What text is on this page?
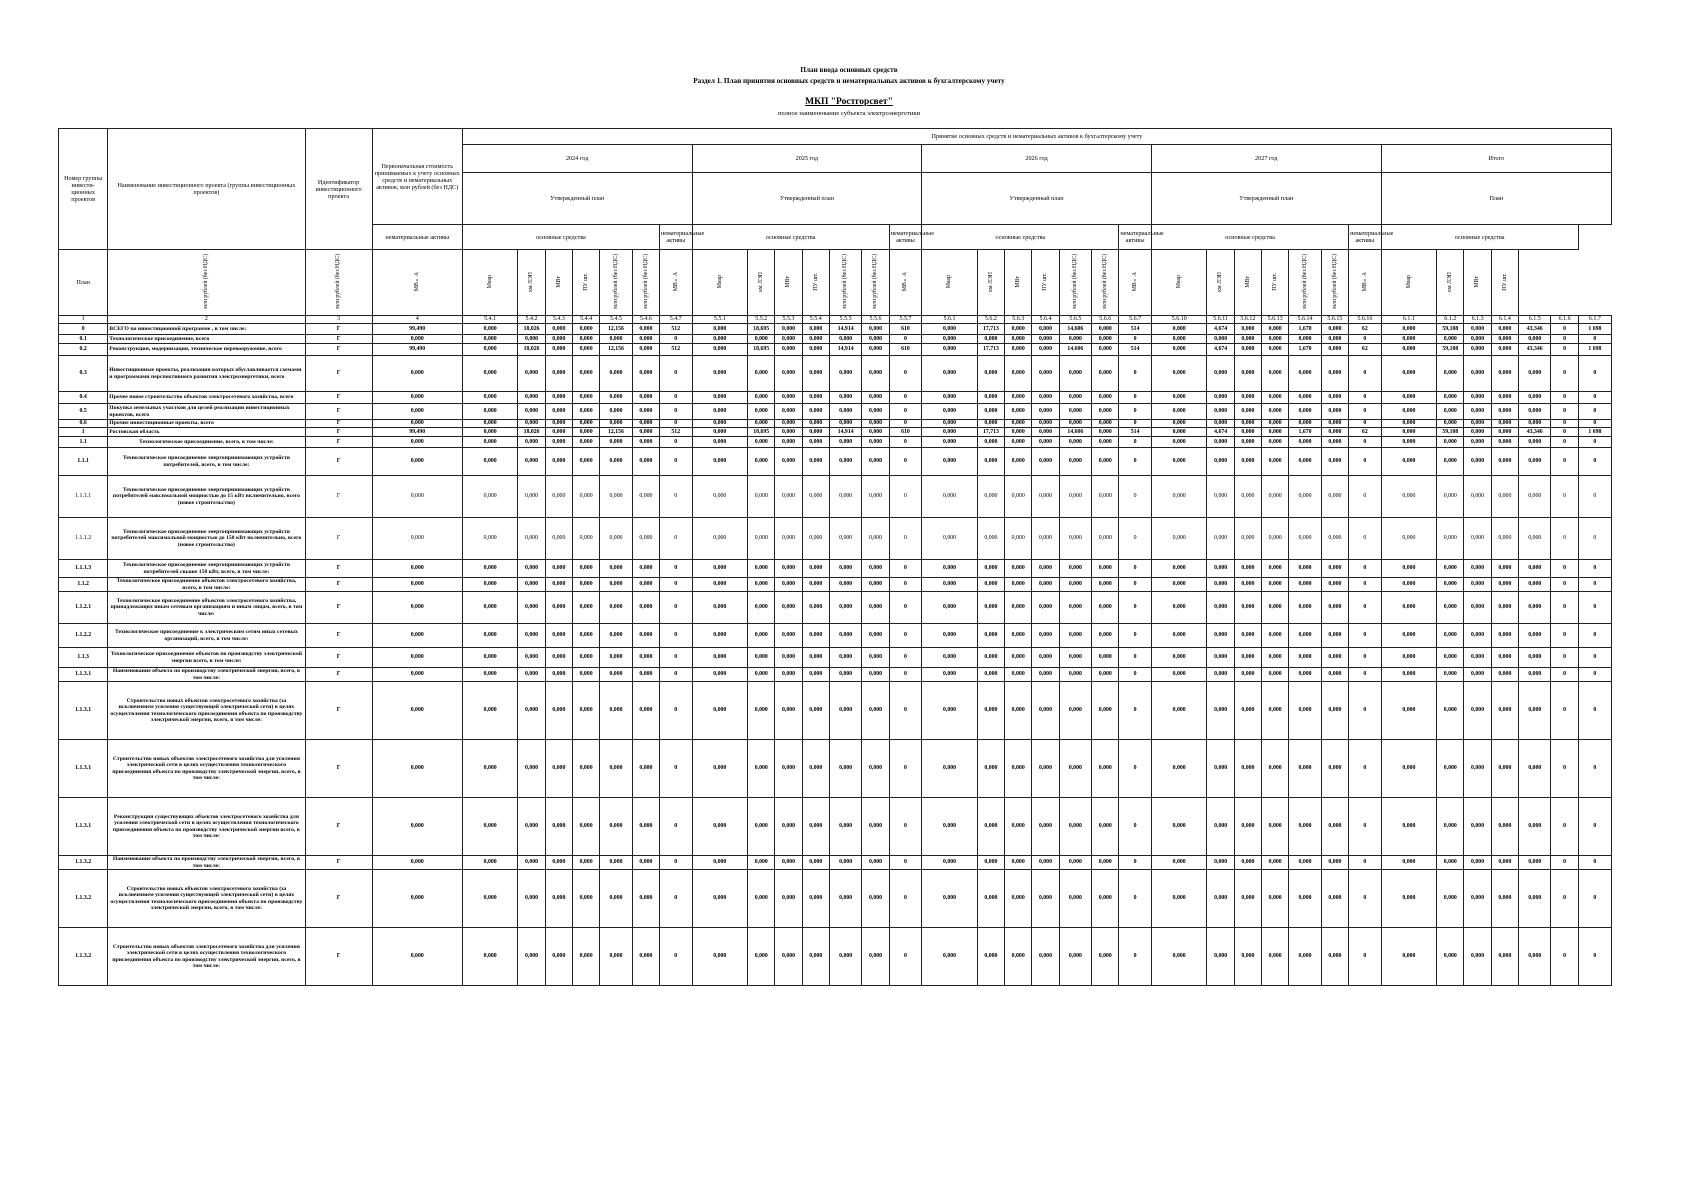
План ввода основных средств
Раздел 1. План принятия основных средств и нематериальных активов к бухгалтерскому учету
МКП "Ростгорсвет"
полное наименование субъекта электроэнергетики
Номер группы инвести-ционных проектов	Наименование инвестиционного проекта (группы инвестиционных проектов)	Идентификатор инвестиционного проекта	Первоначальная стоимость принимаемых к учету основных средств и нематериальных активов, млн рублей (без НДС)	Принятие основных средств и нематериальных активов к бухгалтерскому учету																																		
				2024 год							2025 год							2026 год							2027 год							Итого						
				Утвержденный план							Утвержденный план							Утвержденный план							Утвержденный план							План						
			нематериальные активы	основные средства						нематериальные активы	основные средства						нематериальные активы	основные средства						нематериальные активы	основные средства						нематериальные активы	основные средства						
План	млн рублей (без НДС)	млн рублей (без НДС)	МВ×А	Мвар	км ЛЭП	МВт	ПУ шт.	млн рублей (без НДС)	млн рублей (без НДС)	МВ×А	Мвар	км ЛЭП	МВт	ПУ шт.	млн рублей (без НДС)	млн рублей (без НДС)	МВ×А	Мвар	км ЛЭП	МВт	ПУ шт.	млн рублей (без НДС)	млн рублей (без НДС)	МВ×А	Мвар	км ЛЭП	МВт	ПУ шт.	млн рублей (без НДС)	млн рублей (без НДС)	МВ×А	Мвар	км ЛЭП	МВт	ПУ шт.			
1	2	3	4	5.4.1	5.4.2	5.4.3	5.4.4	5.4.5	5.4.6	5.4.7	5.5.1	5.5.2	5.5.3	5.5.4	5.5.5	5.5.6	5.5.7	5.6.1	5.6.2	5.6.3	5.6.4	5.6.5	5.6.6	5.6.7	5.6.10	5.6.11	5.6.12	5.6.13	5.6.14	5.6.15	5.6.16	6.1.1	6.1.2	6.1.3	6.1.4	6.1.5	6.1.6	6.1.7
0	ВСЕГО по инвестиционной программе , в том числе:	Г	99,490	0,000	18,026	0,000	0,000	12,156	0,000	512	0,000	18,695	0,000	0,000	14,914	0,000	610	0,000	17,713	0,000	0,000	14,606	0,000	514	0,000	4,674	0,000	0,000	1,670	0,000	62	0,000	59,108	0,000	0,000	43,346	0	1 698
0.1	Технологическое присоединение, всего	Г	0,000	0,000	0,000	0,000	0,000	0,000	0,000	0	0,000	0,000	0,000	0,000	0,000	0,000	0	0,000	0,000	0,000	0,000	0,000	0,000	0	0,000	0,000	0,000	0,000	0,000	0,000	0	0,000	0,000	0,000	0,000	0,000	0	0
0.2	Реконструкция, модернизация, техническое перевооружение, всего	Г	99,490	0,000	18,026	0,000	0,000	12,156	0,000	512	0,000	18,695	0,000	0,000	14,914	0,000	610	0,000	17,713	0,000	0,000	14,606	0,000	514	0,000	4,674	0,000	0,000	1,670	0,000	62	0,000	59,108	0,000	0,000	43,346	0	1 698
0.3	Инвестиционные проекты, реализация которых обуславливается схемами и программами перспективного развития электроэнергетики, всего	Г	0,000	0,000	0,000	0,000	0,000	0,000	0,000	0	0,000	0,000	0,000	0,000	0,000	0,000	0	0,000	0,000	0,000	0,000	0,000	0,000	0	0,000	0,000	0,000	0,000	0,000	0,000	0	0,000	0,000	0,000	0,000	0,000	0	0
0.4	Прочее новое строительство объектов электросетевого хозяйства, всего	Г	0,000	0,000	0,000	0,000	0,000	0,000	0,000	0	0,000	0,000	0,000	0,000	0,000	0,000	0	0,000	0,000	0,000	0,000	0,000	0,000	0	0,000	0,000	0,000	0,000	0,000	0,000	0	0,000	0,000	0,000	0,000	0,000	0	0
0.5	Покупка земельных участков для целей реализации инвестиционных проектов, всего	Г	0,000	0,000	0,000	0,000	0,000	0,000	0,000	0	0,000	0,000	0,000	0,000	0,000	0,000	0	0,000	0,000	0,000	0,000	0,000	0,000	0	0,000	0,000	0,000	0,000	0,000	0,000	0	0,000	0,000	0,000	0,000	0,000	0	0
0.6	Прочие инвестиционные проекты, всего	Г	0,000	0,000	0,000	0,000	0,000	0,000	0,000	0	0,000	0,000	0,000	0,000	0,000	0,000	0	0,000	0,000	0,000	0,000	0,000	0,000	0	0,000	0,000	0,000	0,000	0,000	0,000	0	0,000	0,000	0,000	0,000	0,000	0	0
1	Ростовская область	Г	99,490	0,000	18,026	0,000	0,000	12,156	0,000	512	0,000	18,695	0,000	0,000	14,914	0,000	610	0,000	17,713	0,000	0,000	14,606	0,000	514	0,000	4,674	0,000	0,000	1,670	0,000	62	0,000	59,108	0,000	0,000	43,346	0	1 698
1.1	Технологическое присоединение, всего, в том числе:	Г	0,000	0,000	0,000	0,000	0,000	0,000	0,000	0	0,000	0,000	0,000	0,000	0,000	0,000	0	0,000	0,000	0,000	0,000	0,000	0,000	0	0,000	0,000	0,000	0,000	0,000	0,000	0	0,000	0,000	0,000	0,000	0,000	0	0
1.1.1	Технологическое присоединение энергопринимающих устройств потребителей, всего, в том числе:	Г	0,000	0,000	0,000	0,000	0,000	0,000	0,000	0	0,000	0,000	0,000	0,000	0,000	0,000	0	0,000	0,000	0,000	0,000	0,000	0,000	0	0,000	0,000	0,000	0,000	0,000	0,000	0	0,000	0,000	0,000	0,000	0,000	0	0
1.1.1.1	Технологическое присоединение энергопринимающих устройств потребителей максимальной мощностью до 15 кВт включительно, всего (новое строительство)	Г	0,000	0,000	0,000	0,000	0,000	0,000	0,000	0	0,000	0,000	0,000	0,000	0,000	0,000	0	0,000	0,000	0,000	0,000	0,000	0,000	0	0,000	0,000	0,000	0,000	0,000	0,000	0	0,000	0,000	0,000	0,000	0,000	0	0
1.1.1.2	Технологическое присоединение энергопринимающих устройств потребителей максимальной мощностью до 150 кВт включительно, всего (новое строительство)	Г	0,000	0,000	0,000	0,000	0,000	0,000	0,000	0	0,000	0,000	0,000	0,000	0,000	0,000	0	0,000	0,000	0,000	0,000	0,000	0,000	0	0,000	0,000	0,000	0,000	0,000	0,000	0	0,000	0,000	0,000	0,000	0,000	0	0
1.1.1.3	Технологическое присоединение энергопринимающих устройств потребителей свыше 150 кВт, всего, в том числе:	Г	0,000	0,000	0,000	0,000	0,000	0,000	0,000	0	0,000	0,000	0,000	0,000	0,000	0,000	0	0,000	0,000	0,000	0,000	0,000	0,000	0	0,000	0,000	0,000	0,000	0,000	0,000	0	0,000	0,000	0,000	0,000	0,000	0	0
1.1.2	Технологическое присоединение объектов электросетевого хозяйства, всего, в том числе:	Г	0,000	0,000	0,000	0,000	0,000	0,000	0,000	0	0,000	0,000	0,000	0,000	0,000	0,000	0	0,000	0,000	0,000	0,000	0,000	0,000	0	0,000	0,000	0,000	0,000	0,000	0,000	0	0,000	0,000	0,000	0,000	0,000	0	0
1.1.2.1	Технологическое присоединение объектов электросетевого хозяйства, принадлежащих иным сетевым организациям и иным лицам, всего, в том числе:	Г	0,000	0,000	0,000	0,000	0,000	0,000	0,000	0	0,000	0,000	0,000	0,000	0,000	0,000	0	0,000	0,000	0,000	0,000	0,000	0,000	0	0,000	0,000	0,000	0,000	0,000	0,000	0	0,000	0,000	0,000	0,000	0,000	0	0
1.1.2.2	Технологическое присоединение к электрическим сетям иных сетевых организаций, всего, в том числе:	Г	0,000	0,000	0,000	0,000	0,000	0,000	0,000	0	0,000	0,000	0,000	0,000	0,000	0,000	0	0,000	0,000	0,000	0,000	0,000	0,000	0	0,000	0,000	0,000	0,000	0,000	0,000	0	0,000	0,000	0,000	0,000	0,000	0	0
1.1.3	Технологическое присоединение объектов по производству электрической энергии всего, в том числе:	Г	0,000	0,000	0,000	0,000	0,000	0,000	0,000	0	0,000	0,000	0,000	0,000	0,000	0,000	0	0,000	0,000	0,000	0,000	0,000	0,000	0	0,000	0,000	0,000	0,000	0,000	0,000	0	0,000	0,000	0,000	0,000	0,000	0	0
1.1.3.1	Наименование объекта по производству электрической энергии, всего, в том числе:	Г	0,000	0,000	0,000	0,000	0,000	0,000	0,000	0	0,000	0,000	0,000	0,000	0,000	0,000	0	0,000	0,000	0,000	0,000	0,000	0,000	0	0,000	0,000	0,000	0,000	0,000	0,000	0	0,000	0,000	0,000	0,000	0,000	0	0
1.1.3.1	Строительство новых объектов электросетевого хозяйства (за исключением усиления существующей электрической сети) в целях осуществления технологического присоединения объекта по производству электрической энергии, всего, в том числе:	Г	0,000	0,000	0,000	0,000	0,000	0,000	0,000	0	0,000	0,000	0,000	0,000	0,000	0,000	0	0,000	0,000	0,000	0,000	0,000	0,000	0	0,000	0,000	0,000	0,000	0,000	0,000	0	0,000	0,000	0,000	0,000	0,000	0	0
1.1.3.1	Строительство новых объектов электросетевого хозяйства для усиления электрической сети в целях осуществления технологического присоединения объекта по производству электрической энергии, всего, в том числе:	Г	0,000	0,000	0,000	0,000	0,000	0,000	0,000	0	0,000	0,000	0,000	0,000	0,000	0,000	0	0,000	0,000	0,000	0,000	0,000	0,000	0	0,000	0,000	0,000	0,000	0,000	0,000	0	0,000	0,000	0,000	0,000	0,000	0	0
1.1.3.1	Реконструкция существующих объектов электросетевого хозяйства для усиления электрической сети в целях осуществления технологического присоединения объекта по производству электрической энергии всего, в том числе:	Г	0,000	0,000	0,000	0,000	0,000	0,000	0,000	0	0,000	0,000	0,000	0,000	0,000	0,000	0	0,000	0,000	0,000	0,000	0,000	0,000	0	0,000	0,000	0,000	0,000	0,000	0,000	0	0,000	0,000	0,000	0,000	0,000	0	0
1.1.3.2	Наименование объекта по производству электрической энергии, всего, в том числе:	Г	0,000	0,000	0,000	0,000	0,000	0,000	0,000	0	0,000	0,000	0,000	0,000	0,000	0,000	0	0,000	0,000	0,000	0,000	0,000	0,000	0	0,000	0,000	0,000	0,000	0,000	0,000	0	0,000	0,000	0,000	0,000	0,000	0	0
1.1.3.2	Строительство новых объектов электросетевого хозяйства (за исключением усиления существующей электрической сети) в целях осуществления технологического присоединения объекта по производству электрической энергии, всего, в том числе:	Г	0,000	0,000	0,000	0,000	0,000	0,000	0,000	0	0,000	0,000	0,000	0,000	0,000	0,000	0	0,000	0,000	0,000	0,000	0,000	0,000	0	0,000	0,000	0,000	0,000	0,000	0,000	0	0,000	0,000	0,000	0,000	0,000	0	0
1.1.3.2	Строительство новых объектов электросетевого хозяйства для усиления электрической сети в целях осуществления технологического присоединения объекта по производству электрической энергии, всего, в том числе:	Г	0,000	0,000	0,000	0,000	0,000	0,000	0,000	0	0,000	0,000	0,000	0,000	0,000	0,000	0	0,000	0,000	0,000	0,000	0,000	0,000	0	0,000	0,000	0,000	0,000	0,000	0,000	0	0,000	0,000	0,000	0,000	0,000	0	0
